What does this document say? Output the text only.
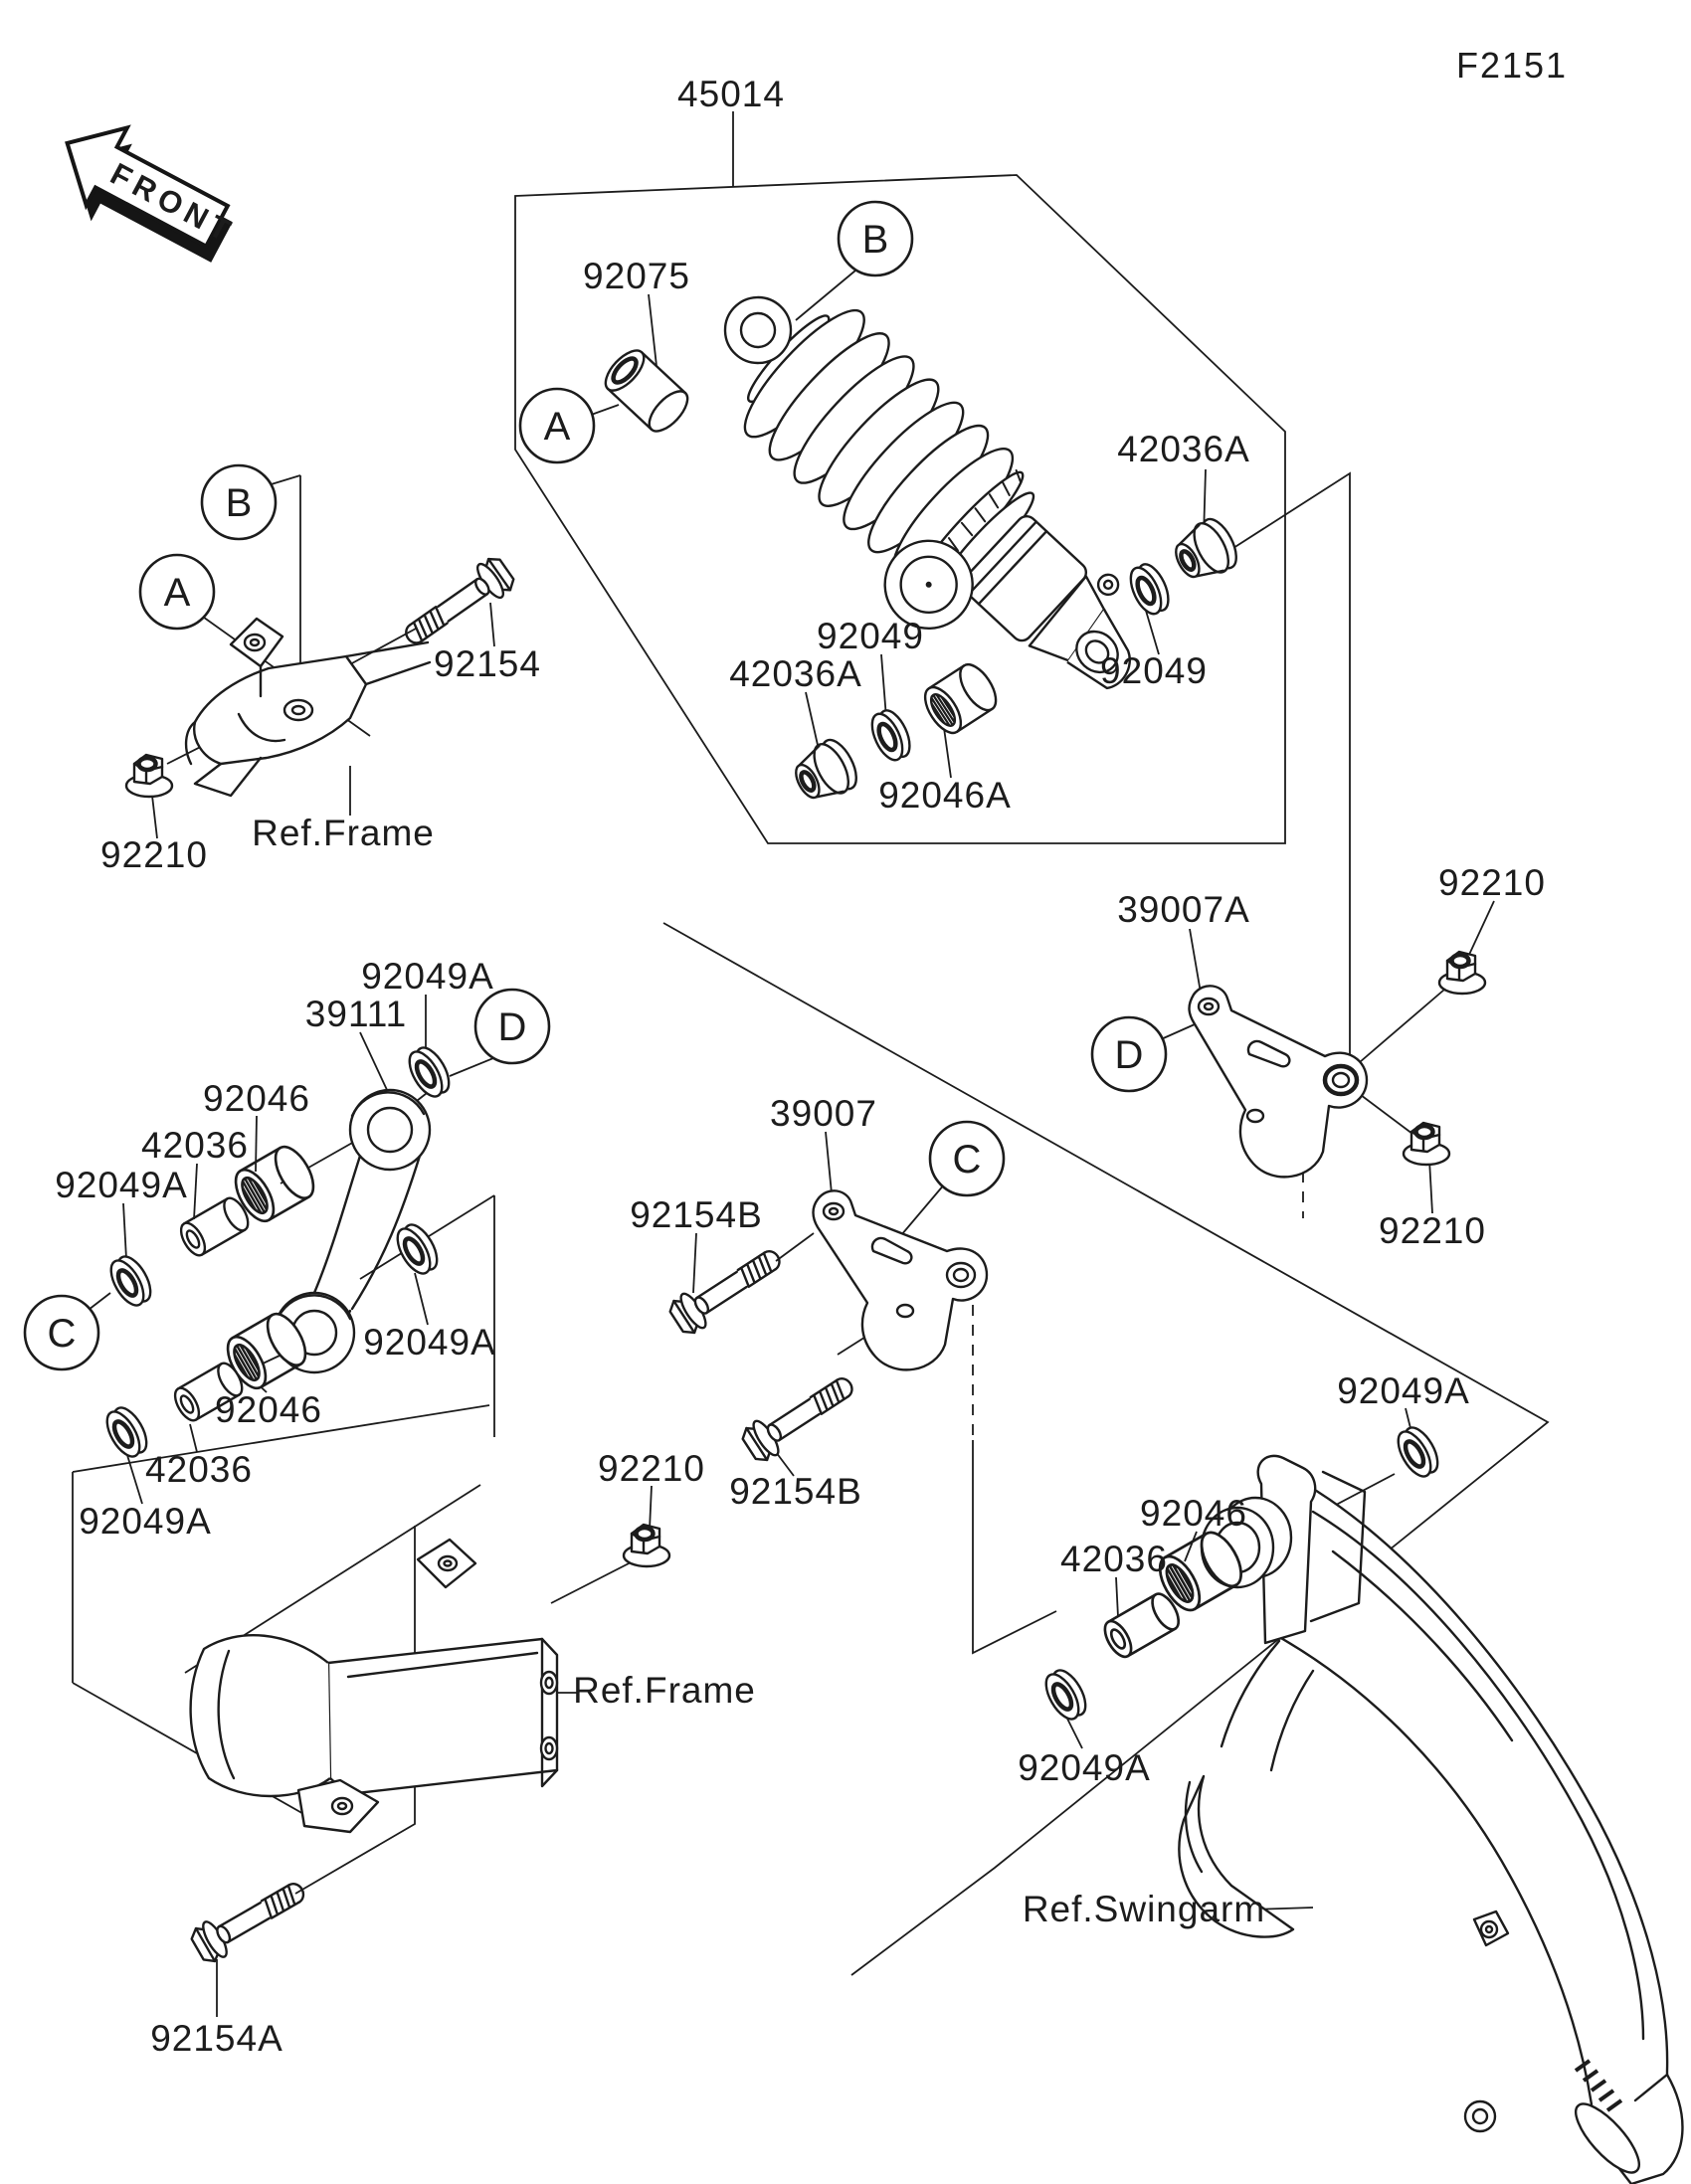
FRONT
F2151
B
A
B
A
D
D
C
C
45014
92075
42036A
92049
92049
42036A
92046A
92154
92210
Ref.Frame
39007A
92210
92210
92049A
39111
92046
42036
92049A
92049A
39007
92154B
92046
42036
92049A
92210
92154B
92049A
92046
42036
92049A
Ref.Frame
Ref.Swingarm
92154A
